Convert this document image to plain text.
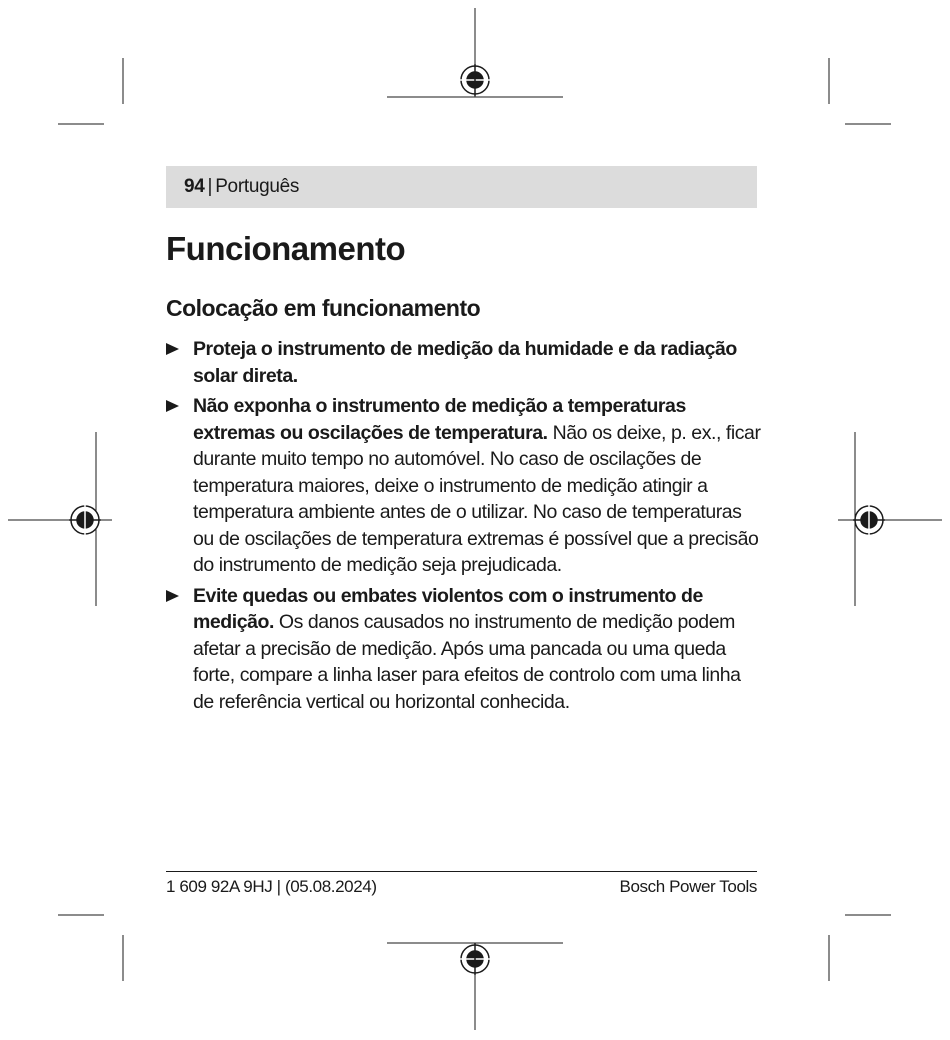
94 | Português
Funcionamento
Colocação em funcionamento
Proteja o instrumento de medição da humidade e da radiação solar direta.
Não exponha o instrumento de medição a temperaturas extremas ou oscilações de temperatura. Não os deixe, p. ex., ficar durante muito tempo no automóvel. No caso de oscilações de temperatura maiores, deixe o instrumento de medição atingir a temperatura ambiente antes de o utilizar. No caso de temperaturas ou de oscilações de temperatura extremas é possível que a precisão do instrumento de medição seja prejudicada.
Evite quedas ou embates violentos com o instrumento de medição. Os danos causados no instrumento de medição podem afetar a precisão de medição. Após uma pancada ou uma queda forte, compare a linha laser para efeitos de controlo com uma linha de referência vertical ou horizontal conhecida.
1 609 92A 9HJ | (05.08.2024)	Bosch Power Tools
